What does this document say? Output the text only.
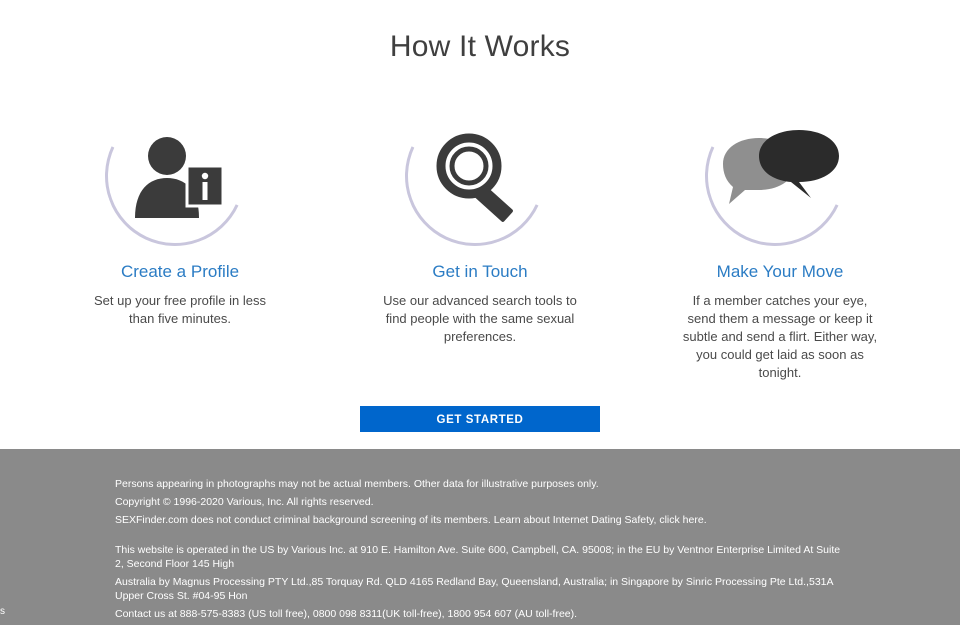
How It Works
Create a Profile
Set up your free profile in less than five minutes.
Get in Touch
Use our advanced search tools to find people with the same sexual preferences.
Make Your Move
If a member catches your eye, send them a message or keep it subtle and send a flirt. Either way, you could get laid as soon as tonight.
GET STARTED

Persons appearing in photographs may not be actual members. Other data for illustrative purposes only.

Copyright © 1996-2020 Various, Inc. All rights reserved.

SEXFinder.com does not conduct criminal background screening of its members. Learn about Internet Dating Safety, click here.

This website is operated in the US by Various Inc. at 910 E. Hamilton Ave. Suite 600, Campbell, CA. 95008; in the EU by Ventnor Enterprise Limited At Suite 2, Second Floor 145 High

Australia by Magnus Processing PTY Ltd.,85 Torquay Rd. QLD 4165 Redland Bay, Queensland, Australia; in Singapore by Sinric Processing Pte Ltd.,531A Upper Cross St. #04-95 Hon

Contact us at 888-575-8383 (US toll free), 0800 098 8311(UK toll-free), 1800 954 607 (AU toll-free).

s
